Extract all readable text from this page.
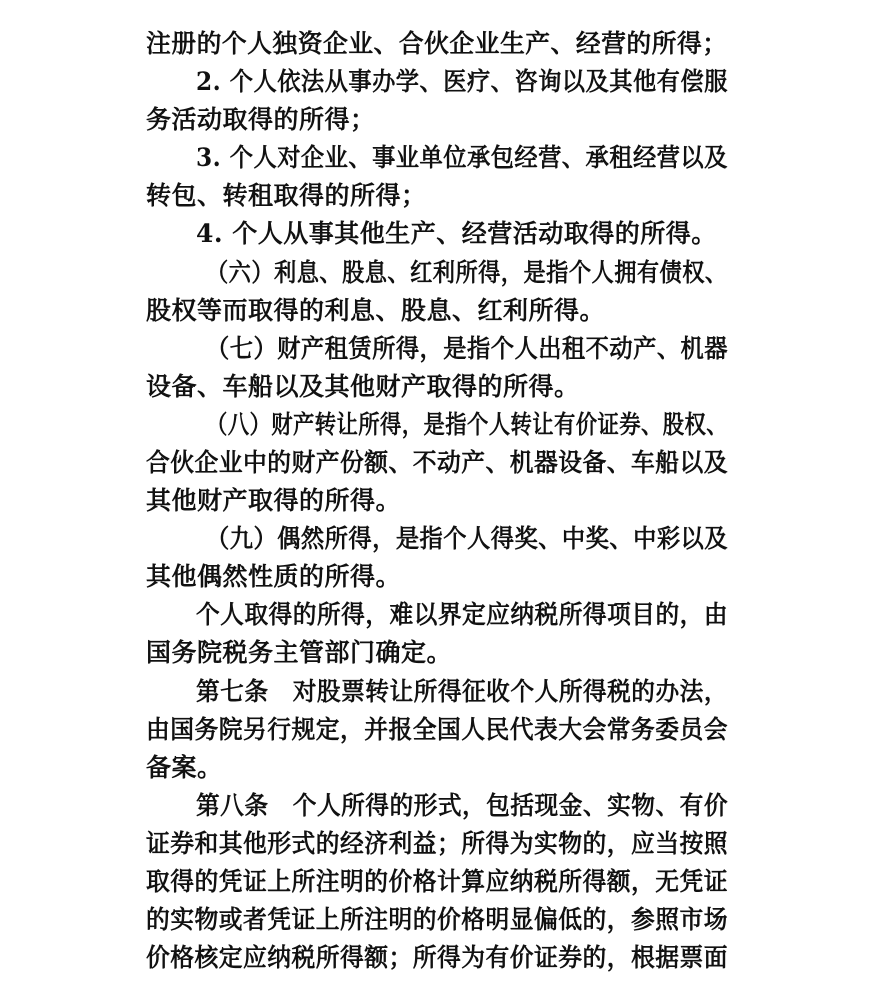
注册的个人独资企业、合伙企业生产、经营的所得；
2. 个人依法从事办学、医疗、咨询以及其他有偿服
务活动取得的所得；
3. 个人对企业、事业单位承包经营、承租经营以及
转包、转租取得的所得；
4. 个人从事其他生产、经营活动取得的所得。
（六）利息、股息、红利所得，是指个人拥有债权、
股权等而取得的利息、股息、红利所得。
（七）财产租赁所得，是指个人出租不动产、机器
设备、车船以及其他财产取得的所得。
（八）财产转让所得，是指个人转让有价证券、股权、
合伙企业中的财产份额、不动产、机器设备、车船以及
其他财产取得的所得。
（九）偶然所得，是指个人得奖、中奖、中彩以及
其他偶然性质的所得。
个人取得的所得，难以界定应纳税所得项目的，由
国务院税务主管部门确定。
第七条　对股票转让所得征收个人所得税的办法，
由国务院另行规定，并报全国人民代表大会常务委员会
备案。
第八条　个人所得的形式，包括现金、实物、有价
证券和其他形式的经济利益；所得为实物的，应当按照
取得的凭证上所注明的价格计算应纳税所得额，无凭证
的实物或者凭证上所注明的价格明显偏低的，参照市场
价格核定应纳税所得额；所得为有价证券的，根据票面
